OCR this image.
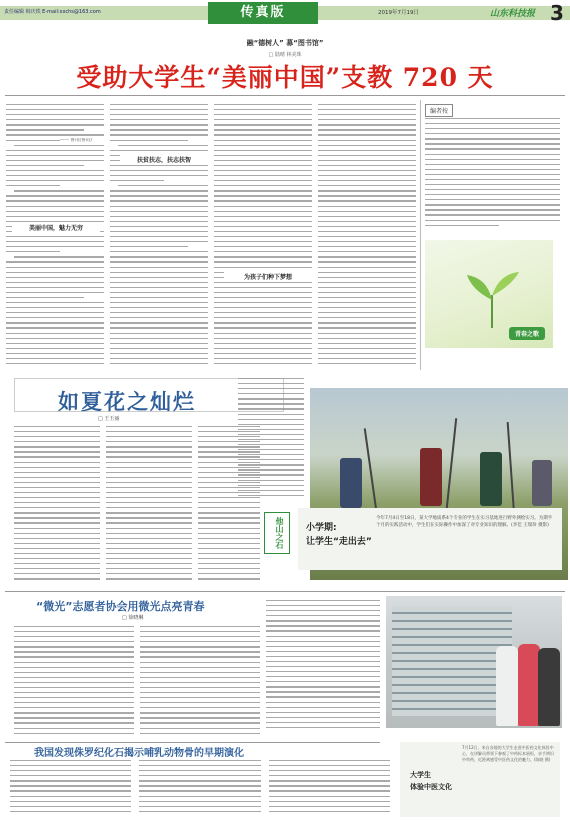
责任编辑 韩庆铁 E-mail:xxchs@163.com	传真版	2019年7月19日	山东科技报 3
融“德树人” 募“图书馆”
□ 陆晴 林美珠
受助大学生“美丽中国”支教 720 天
—— 鲁讯(鲁讯)
美丽中国，魅力无穷
扶贫扶志，扶志扶智
为孩子们种下梦想
编者按
青春之歌
如夏花之灿烂
□ 王玉丽
他山之石	小学期:
让学生“走出去”
今年7月4日至18日，某大学地质系4个专业的学生在实习基地进行野外测绘实习。为期半个月的实践活动中，学生们在实际操作中加深了对专业知识的理解。(李佳 王瑞珍 摄影)
“微光”志愿者协会用微光点亮青春
□ 徐晓琳
我国发现侏罗纪化石揭示哺乳动物骨的早期演化
大学生
体验中医文化
7月12日，来自各地的大学生走进中医药文化体验中心，在讲解员带领下参观了中药标本展柜，亲手辨识中草药，近距离感受中医药文化的魅力。(陈晓 摄)
